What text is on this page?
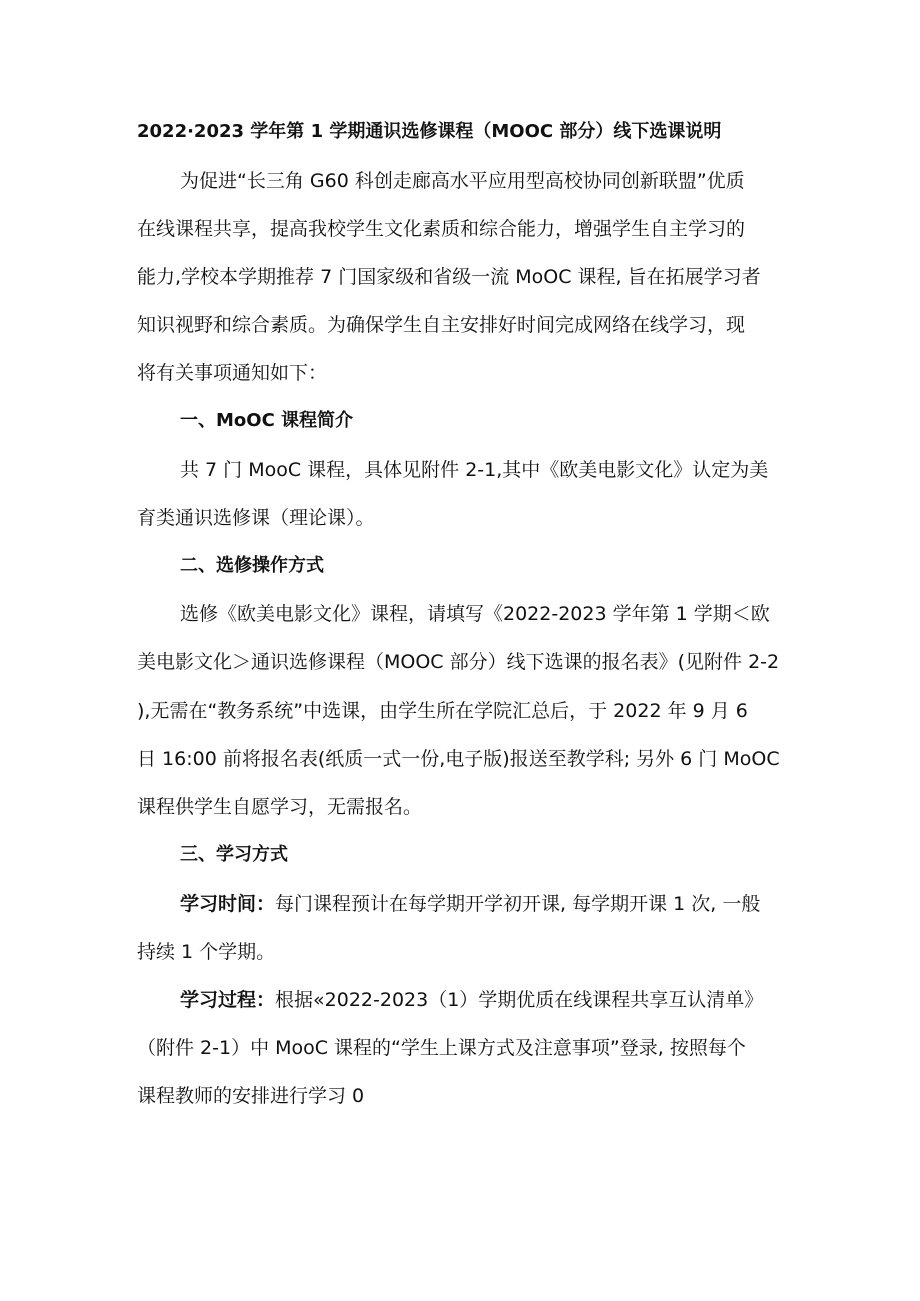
2022·2023 学年第 1 学期通识选修课程（MOOC 部分）线下选课说明
为促进“长三角 G60 科创走廊高水平应用型高校协同创新联盟”优质
在线课程共享，提高我校学生文化素质和综合能力，增强学生自主学习的
能力,学校本学期推荐 7 门国家级和省级一流 MoOC 课程, 旨在拓展学习者
知识视野和综合素质。为确保学生自主安排好时间完成网络在线学习，现
将有关事项通知如下：
一、MoOC 课程简介
共 7 门 MooC 课程，具体见附件 2-1,其中《欧美电影文化》认定为美
育类通识选修课（理论课）。
二、选修操作方式
选修《欧美电影文化》课程，请填写《2022-2023 学年第 1 学期＜欧
美电影文化＞通识选修课程（MOOC 部分）线下选课的报名表》(见附件 2-2
),无需在“教务系统”中选课，由学生所在学院汇总后，于 2022 年 9 月 6
日 16:00 前将报名表(纸质一式一份,电子版)报送至教学科; 另外 6 门 MoOC
课程供学生自愿学习，无需报名。
三、学习方式
学习时间：每门课程预计在每学期开学初开课, 每学期开课 1 次, 一般
持续 1 个学期。
学习过程：根据«2022-2023（1）学期优质在线课程共享互认清单》
（附件 2-1）中 MooC 课程的“学生上课方式及注意事项”登录, 按照每个
课程教师的安排进行学习 0
